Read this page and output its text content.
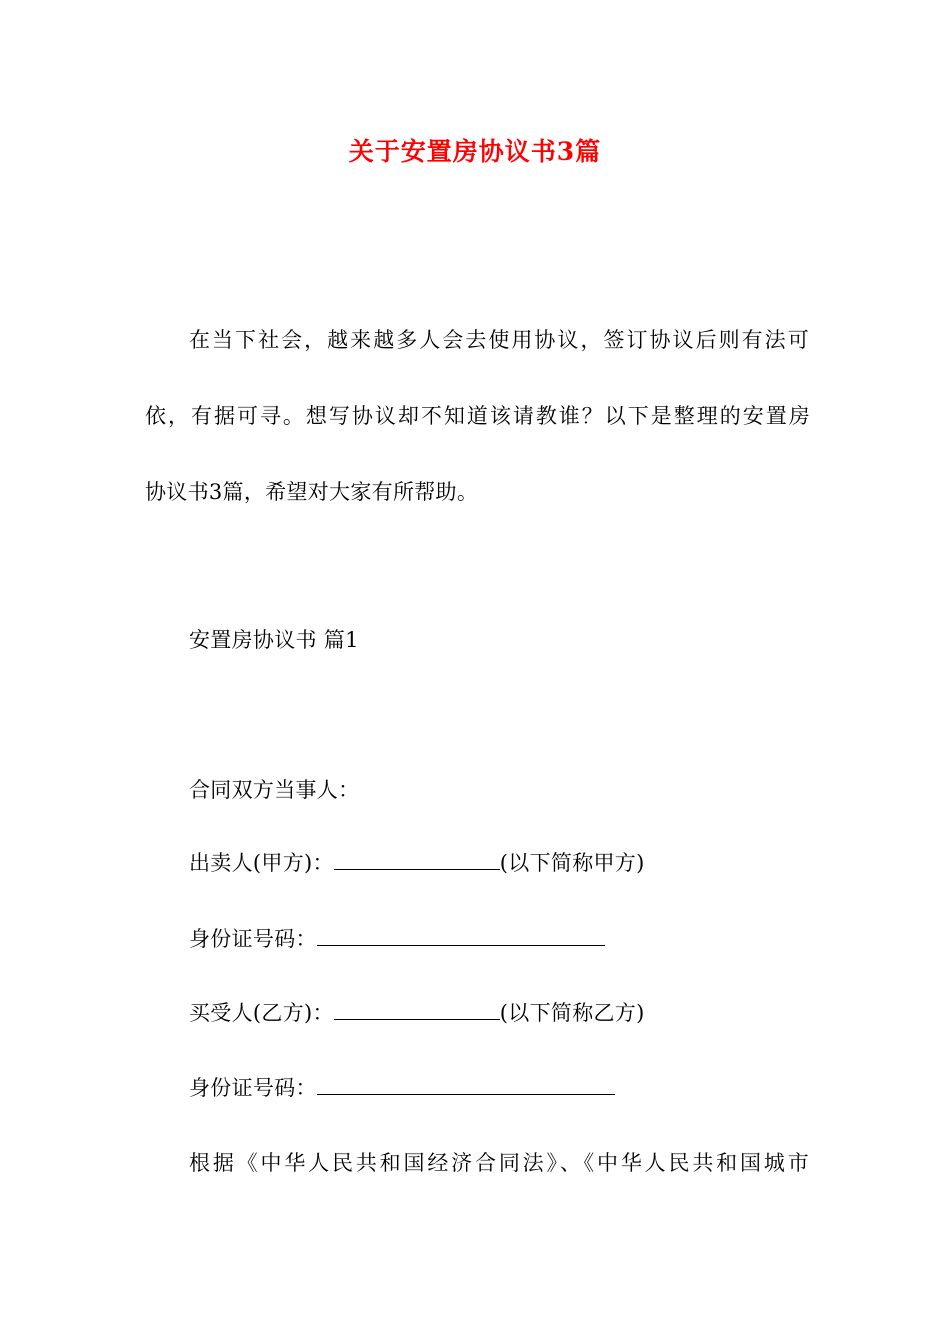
关于安置房协议书3篇
在当下社会，越来越多人会去使用协议，签订协议后则有法可
依，有据可寻。想写协议却不知道该请教谁？以下是整理的安置房
协议书3篇，希望对大家有所帮助。
安置房协议书 篇1
合同双方当事人：
出卖人(甲方)：	(以下简称甲方)
身份证号码：
买受人(乙方)：	(以下简称乙方)
身份证号码：
根据《中华人民共和国经济合同法》、《中华人民共和国城市
